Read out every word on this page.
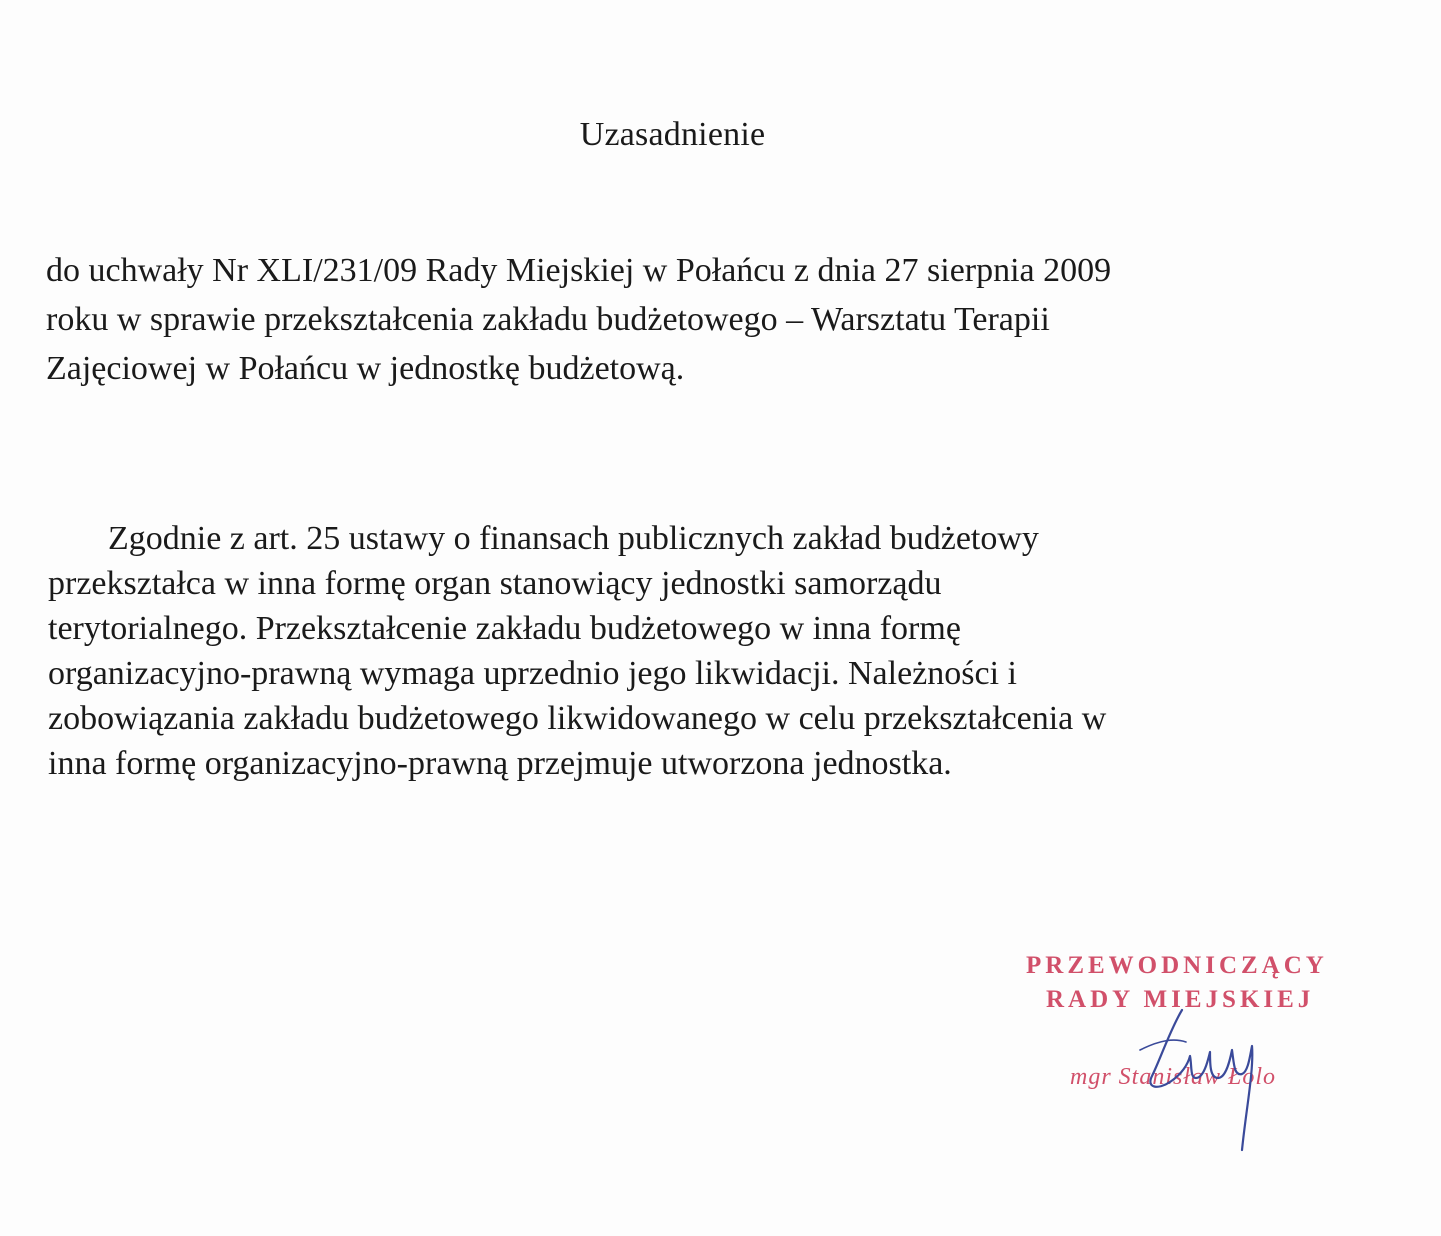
Uzasadnienie
do uchwały Nr XLI/231/09 Rady Miejskiej w Połańcu z dnia 27 sierpnia 2009
roku w sprawie przekształcenia zakładu budżetowego – Warsztatu Terapii
Zajęciowej w Połańcu w jednostkę budżetową.
Zgodnie z art. 25 ustawy o finansach publicznych zakład budżetowy
przekształca w inna formę organ stanowiący jednostki samorządu
terytorialnego. Przekształcenie zakładu budżetowego w inna formę
organizacyjno-prawną wymaga uprzednio jego likwidacji. Należności i
zobowiązania zakładu budżetowego likwidowanego w celu przekształcenia w
inna formę organizacyjno-prawną przejmuje utworzona jednostka.
PRZEWODNICZĄCY
RADY MIEJSKIEJ
mgr Stanisław Łolo
